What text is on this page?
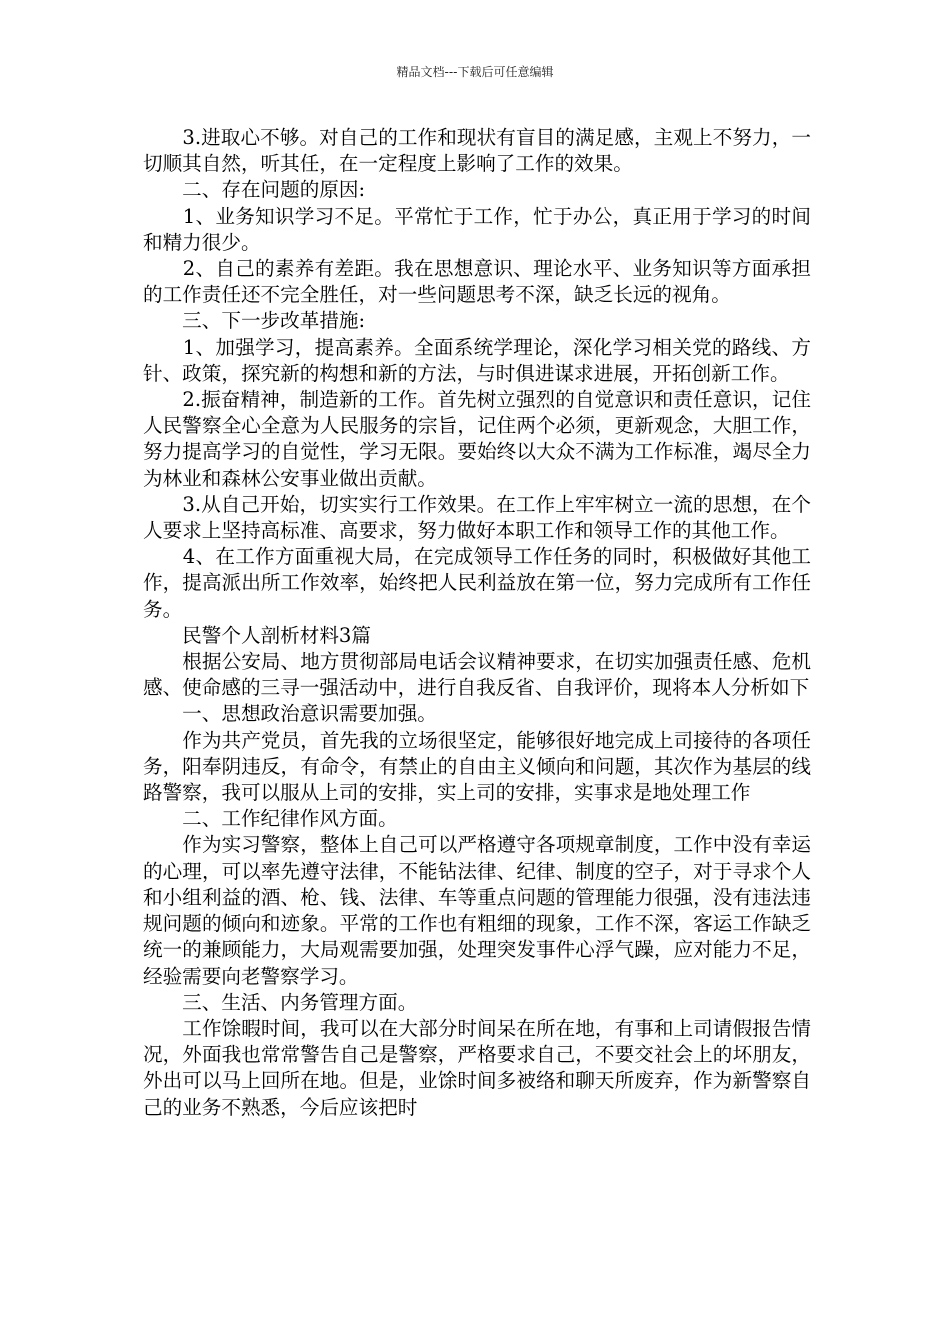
精品文档---下载后可任意编辑

　　3.进取心不够。对自己的工作和现状有盲目的满足感，主观上不努力，一切顺其自然，听其任，在一定程度上影响了工作的效果。

　　二、存在问题的原因:

　　1、业务知识学习不足。平常忙于工作，忙于办公，真正用于学习的时间和精力很少。

　　2、自己的素养有差距。我在思想意识、理论水平、业务知识等方面承担的工作责任还不完全胜任，对一些问题思考不深，缺乏长远的视角。

　　三、下一步改革措施:

　　1、加强学习，提高素养。全面系统学理论，深化学习相关党的路线、方针、政策，探究新的构想和新的方法，与时俱进谋求进展，开拓创新工作。

　　2.振奋精神，制造新的工作。首先树立强烈的自觉意识和责任意识，记住人民警察全心全意为人民服务的宗旨，记住两个必须，更新观念，大胆工作，努力提高学习的自觉性，学习无限。要始终以大众不满为工作标准，竭尽全力为林业和森林公安事业做出贡献。

　　3.从自己开始，切实实行工作效果。在工作上牢牢树立一流的思想，在个人要求上坚持高标准、高要求，努力做好本职工作和领导工作的其他工作。

　　4、在工作方面重视大局，在完成领导工作任务的同时，积极做好其他工作，提高派出所工作效率，始终把人民利益放在第一位，努力完成所有工作任务。

　　民警个人剖析材料3篇

　　根据公安局、地方贯彻部局电话会议精神要求，在切实加强责任感、危机感、使命感的三寻一强活动中，进行自我反省、自我评价，现将本人分析如下

　　一、思想政治意识需要加强。

　　作为共产党员，首先我的立场很坚定，能够很好地完成上司接待的各项任务，阳奉阴违反，有命令，有禁止的自由主义倾向和问题，其次作为基层的线路警察，我可以服从上司的安排，实上司的安排，实事求是地处理工作

　　二、工作纪律作风方面。

　　作为实习警察，整体上自己可以严格遵守各项规章制度，工作中没有幸运的心理，可以率先遵守法律，不能钻法律、纪律、制度的空子，对于寻求个人和小组利益的酒、枪、钱、法律、车等重点问题的管理能力很强，没有违法违规问题的倾向和迹象。平常的工作也有粗细的现象，工作不深，客运工作缺乏统一的兼顾能力，大局观需要加强，处理突发事件心浮气躁，应对能力不足，经验需要向老警察学习。

　　三、生活、内务管理方面。

　　工作馀暇时间，我可以在大部分时间呆在所在地，有事和上司请假报告情况，外面我也常常警告自己是警察，严格要求自己，不要交社会上的坏朋友，外出可以马上回所在地。但是，业馀时间多被络和聊天所废弃，作为新警察自己的业务不熟悉，今后应该把时
